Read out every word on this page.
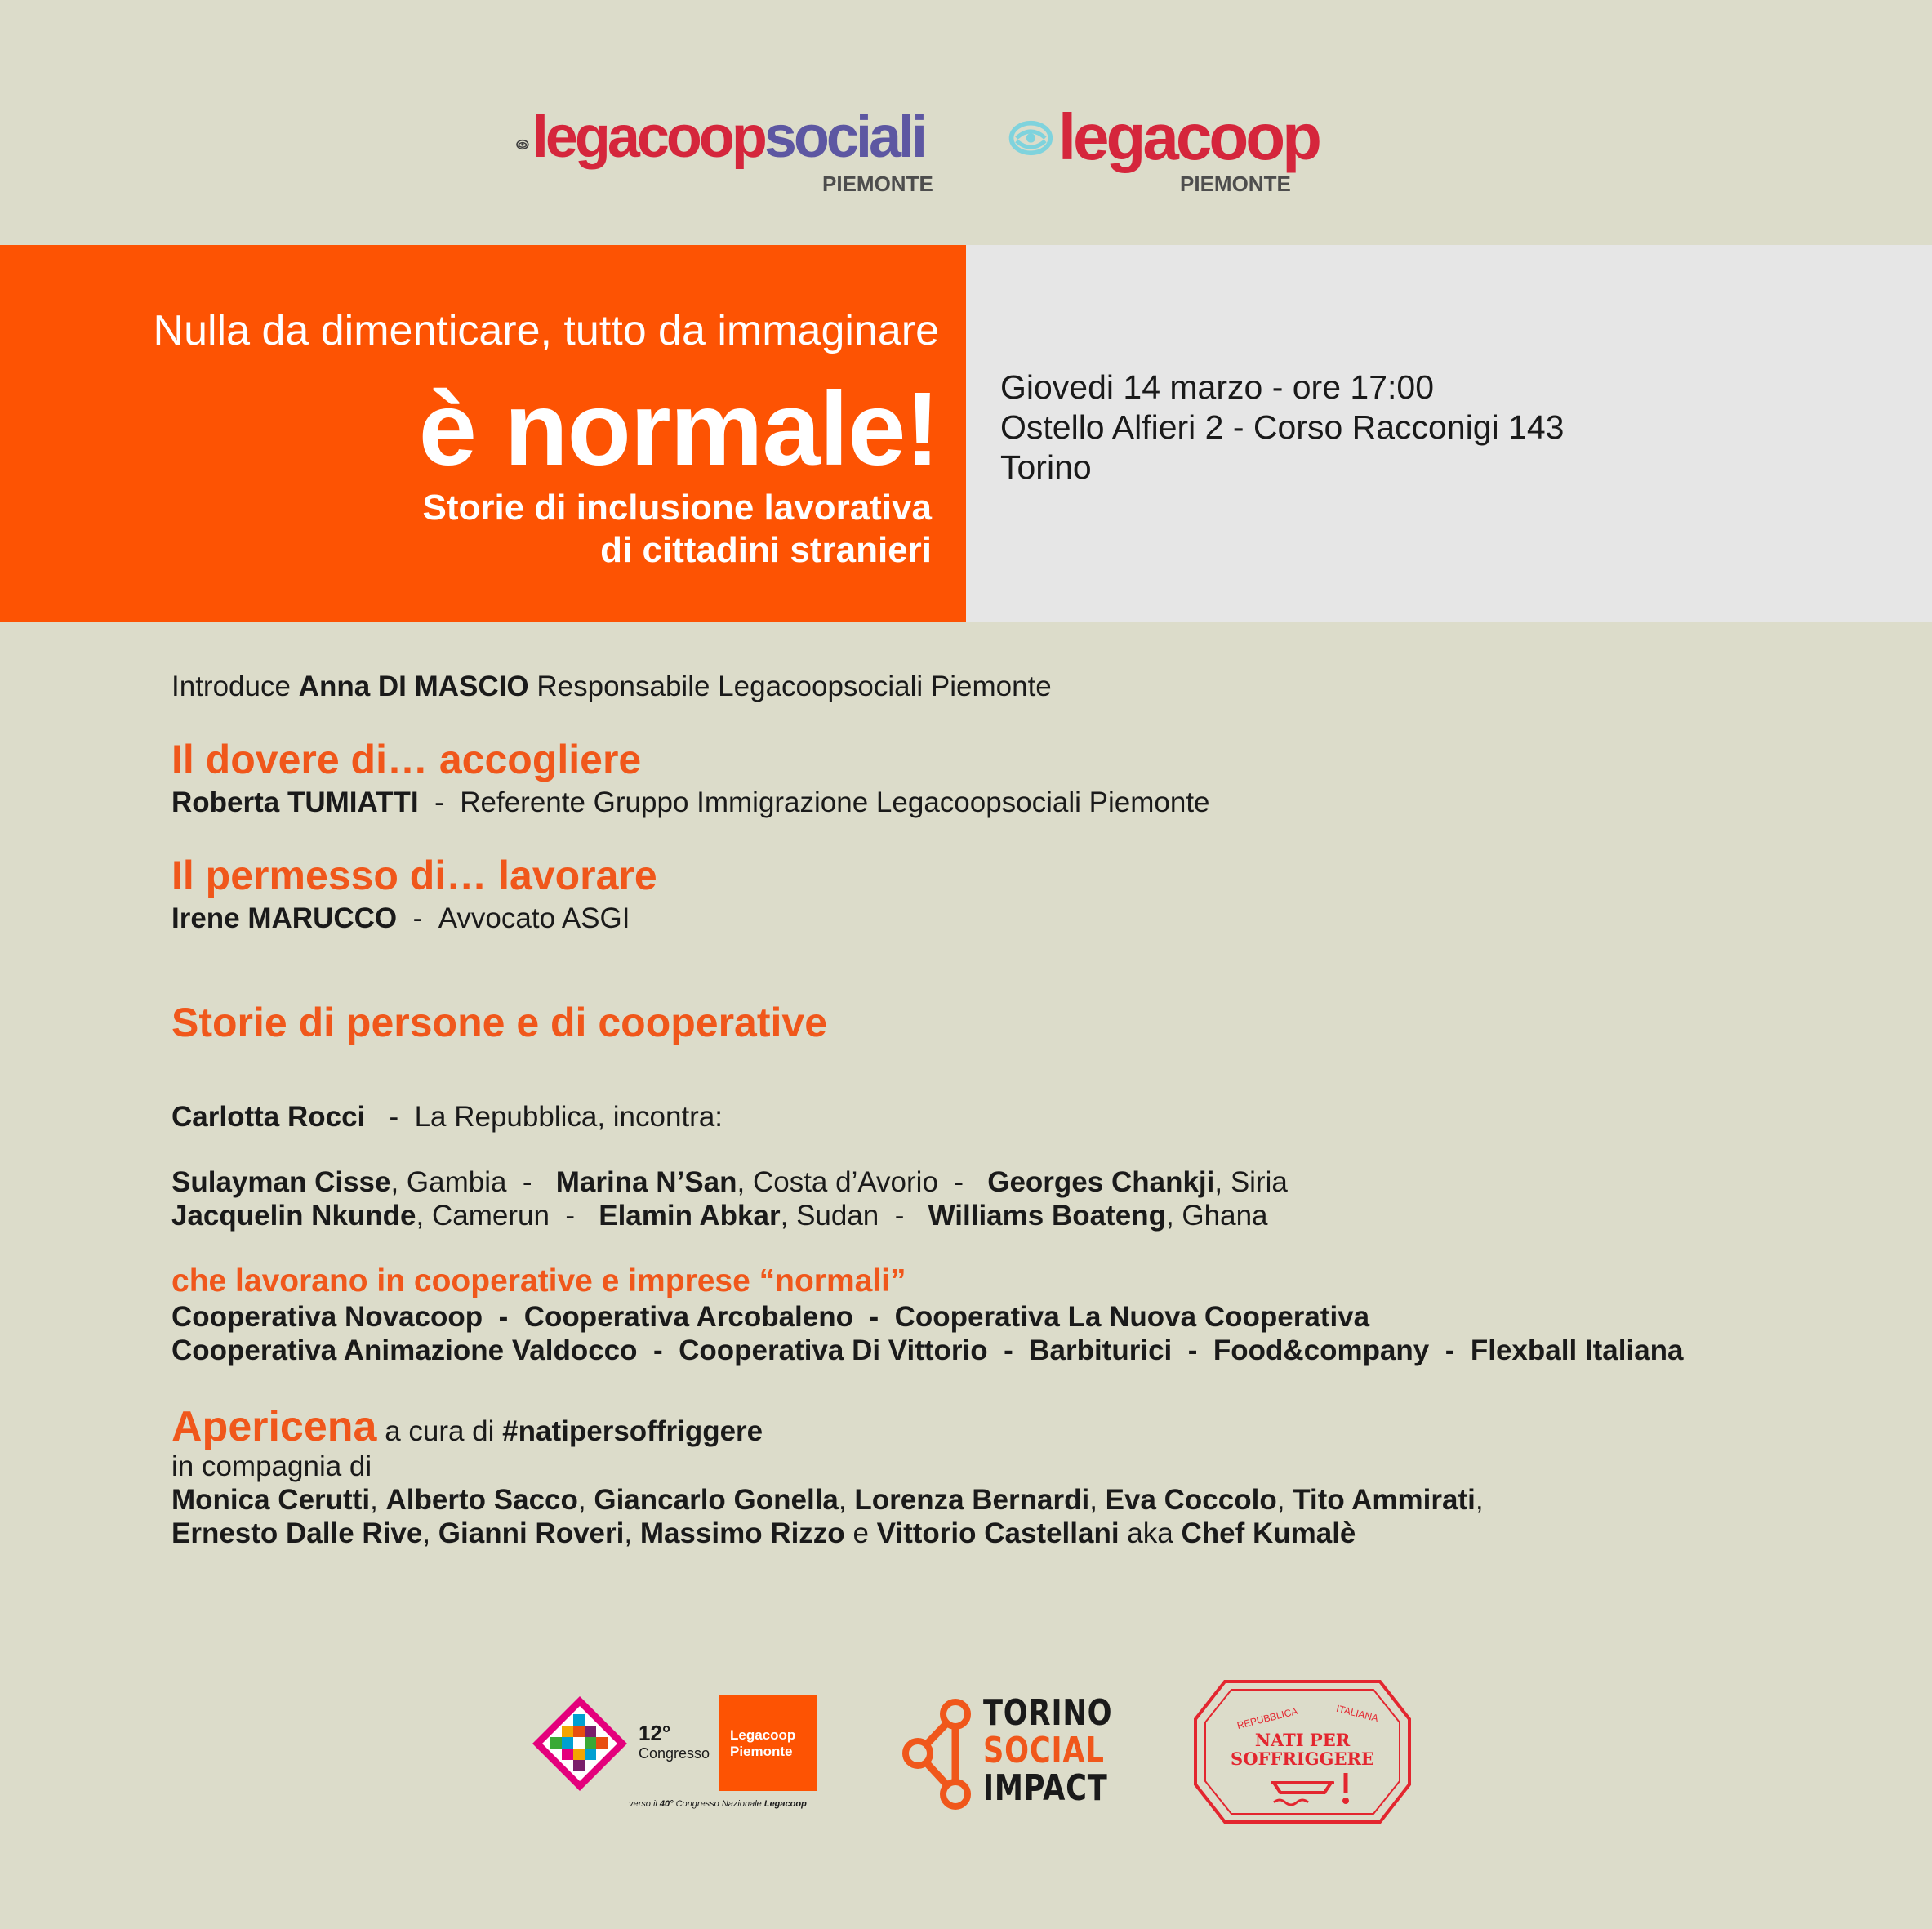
legacoopsociali
PIEMONTE
legacoop
PIEMONTE
Nulla da dimenticare, tutto da immaginare
è normale!
Storie di inclusione lavorativa
di cittadini stranieri
Giovedi 14 marzo - ore 17:00
Ostello Alfieri 2 - Corso Racconigi 143
Torino
Introduce Anna DI MASCIO Responsabile Legacoopsociali Piemonte
Il dovere di… accogliere
Roberta TUMIATTI  -  Referente Gruppo Immigrazione Legacoopsociali Piemonte
Il permesso di… lavorare
Irene MARUCCO  -  Avvocato ASGI
Storie di persone e di cooperative
Carlotta Rocci   -  La Repubblica, incontra:
Sulayman Cisse, Gambia  -   Marina N’San, Costa d’Avorio  -   Georges Chankji, Siria
Jacquelin Nkunde, Camerun  -   Elamin Abkar, Sudan  -   Williams Boateng, Ghana
che lavorano in cooperative e imprese “normali”
Cooperativa Novacoop  -  Cooperativa Arcobaleno  -  Cooperativa La Nuova Cooperativa
Cooperativa Animazione Valdocco  -  Cooperativa Di Vittorio  -  Barbiturici  -  Food&company  -  Flexball Italiana
Apericena a cura di #natipersoffriggere
in compagnia di
Monica Cerutti, Alberto Sacco, Giancarlo Gonella, Lorenza Bernardi, Eva Coccolo, Tito Ammirati,
Ernesto Dalle Rive, Gianni Roveri, Massimo Rizzo e Vittorio Castellani aka Chef Kumalè
12°
Congresso
Legacoop
Piemonte
verso il 40° Congresso Nazionale Legacoop
TORINO
SOCIAL
IMPACT
REPUBBLICA	ITALIANA
NATI PER
SOFFRIGGERE
